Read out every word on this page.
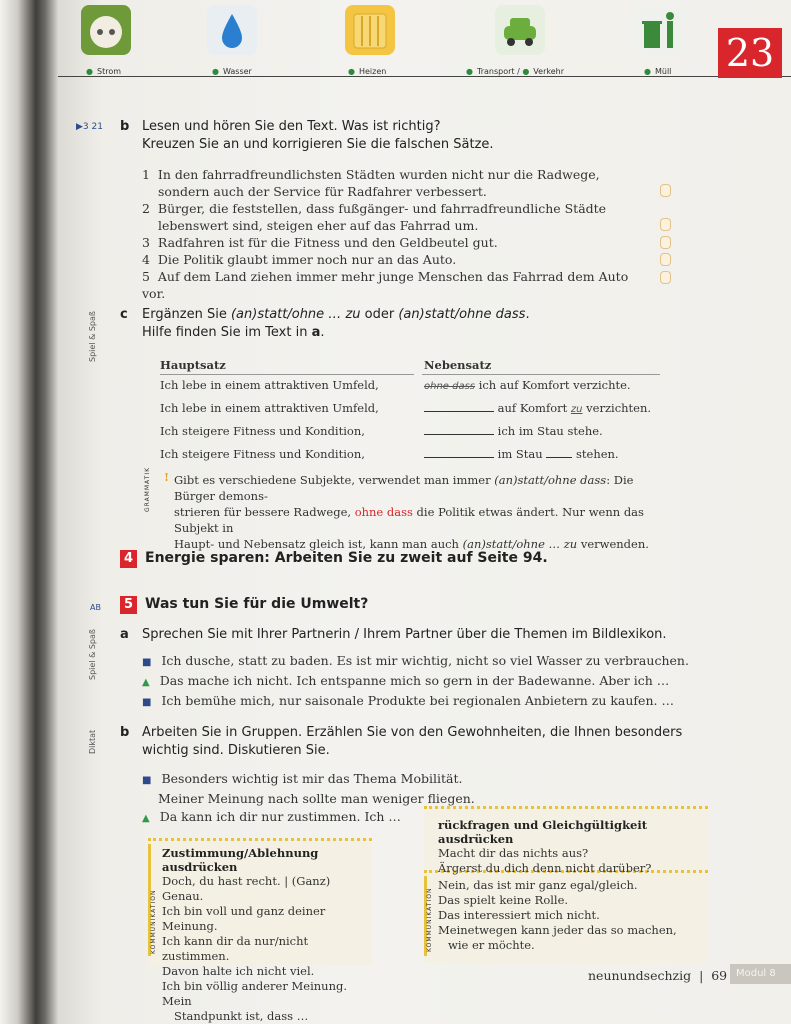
● Strom	● Wasser	● Heizen	● Transport / ● Verkehr	● Müll 23
▶3 21 b Lesen und hören Sie den Text. Was ist richtig?
Kreuzen Sie an und korrigieren Sie die falschen Sätze.
1 In den fahrradfreundlichsten Städten wurden nicht nur die Radwege,
sondern auch der Service für Radfahrer verbessert.
2 Bürger, die feststellen, dass fußgänger- und fahrradfreundliche Städte
lebenswert sind, steigen eher auf das Fahrrad um.
3 Radfahren ist für die Fitness und den Geldbeutel gut.
4 Die Politik glaubt immer noch nur an das Auto.
5 Auf dem Land ziehen immer mehr junge Menschen das Fahrrad dem Auto vor.
Spiel & Spaß c Ergänzen Sie (an)statt/ohne … zu oder (an)statt/ohne dass.
Hilfe finden Sie im Text in a.
Hauptsatz	Nebensatz
Ich lebe in einem attraktiven Umfeld,	ohne dass ich auf Komfort verzichte.
Ich lebe in einem attraktiven Umfeld,	auf Komfort zu verzichten.
Ich steigere Fitness und Kondition,	ich im Stau stehe.
Ich steigere Fitness und Kondition,	im Stau	stehen.
GRAMMATIK ! Gibt es verschiedene Subjekte, verwendet man immer (an)statt/ohne dass: Die Bürger demons-
strieren für bessere Radwege, ohne dass die Politik etwas ändert. Nur wenn das Subjekt in
Haupt- und Nebensatz gleich ist, kann man auch (an)statt/ohne … zu verwenden.
4 Energie sparen: Arbeiten Sie zu zweit auf Seite 94.
AB	5 Was tun Sie für die Umwelt?
Spiel & Spaß a Sprechen Sie mit Ihrer Partnerin / Ihrem Partner über die Themen im Bildlexikon.
■ Ich dusche, statt zu baden. Es ist mir wichtig, nicht so viel Wasser zu verbrauchen.
▲ Das mache ich nicht. Ich entspanne mich so gern in der Badewanne. Aber ich …
■ Ich bemühe mich, nur saisonale Produkte bei regionalen Anbietern zu kaufen. …
Diktat b Arbeiten Sie in Gruppen. Erzählen Sie von den Gewohnheiten, die Ihnen besonders
wichtig sind. Diskutieren Sie.
■ Besonders wichtig ist mir das Thema Mobilität.
Meiner Meinung nach sollte man weniger fliegen.
▲ Da kann ich dir nur zustimmen. Ich …
KOMMUNIKATION
Zustimmung/Ablehnung ausdrücken
Doch, du hast recht. | (Ganz) Genau.
Ich bin voll und ganz deiner Meinung.
Ich kann dir da nur/nicht zustimmen.
Davon halte ich nicht viel.
Ich bin völlig anderer Meinung. Mein
Standpunkt ist, dass …
KOMMUNIKATION
rückfragen und Gleichgültigkeit ausdrücken
Macht dir das nichts aus?
Ärgerst du dich denn nicht darüber?
Nein, das ist mir ganz egal/gleich.
Das spielt keine Rolle.
Das interessiert mich nicht.
Meinetwegen kann jeder das so machen,
wie er möchte.
neunundsechzig | 69 Modul 8
